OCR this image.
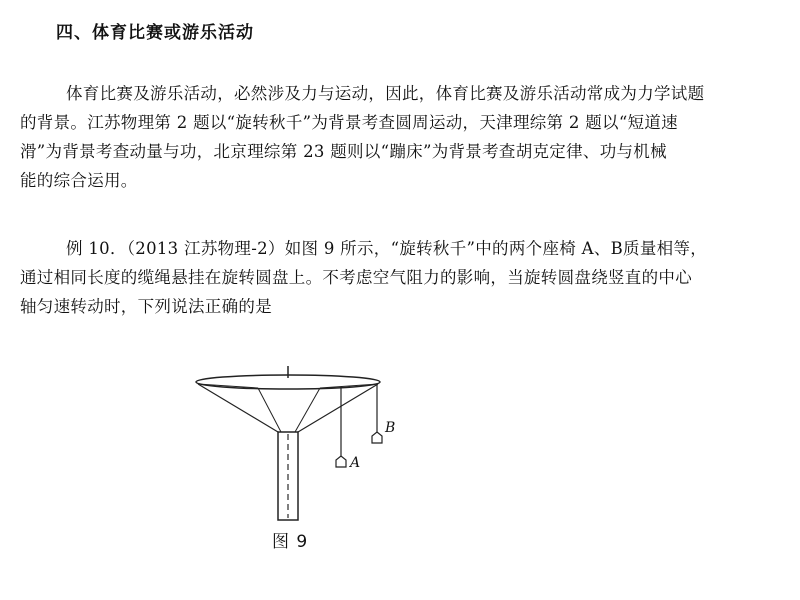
四、体育比赛或游乐活动
体育比赛及游乐活动，必然涉及力与运动，因此，体育比赛及游乐活动常成为力学试题
的背景。江苏物理第 2 题以“旋转秋千”为背景考查圆周运动，天津理综第 2 题以“短道速
滑”为背景考查动量与功，北京理综第 23 题则以“蹦床”为背景考查胡克定律、功与机械
能的综合运用。
例 10．（2013 江苏物理-2）如图 9 所示，“旋转秋千”中的两个座椅 A、B质量相等，
通过相同长度的缆绳悬挂在旋转圆盘上。不考虑空气阻力的影响，当旋转圆盘绕竖直的中心
轴匀速转动时，下列说法正确的是
A
B
图 9
